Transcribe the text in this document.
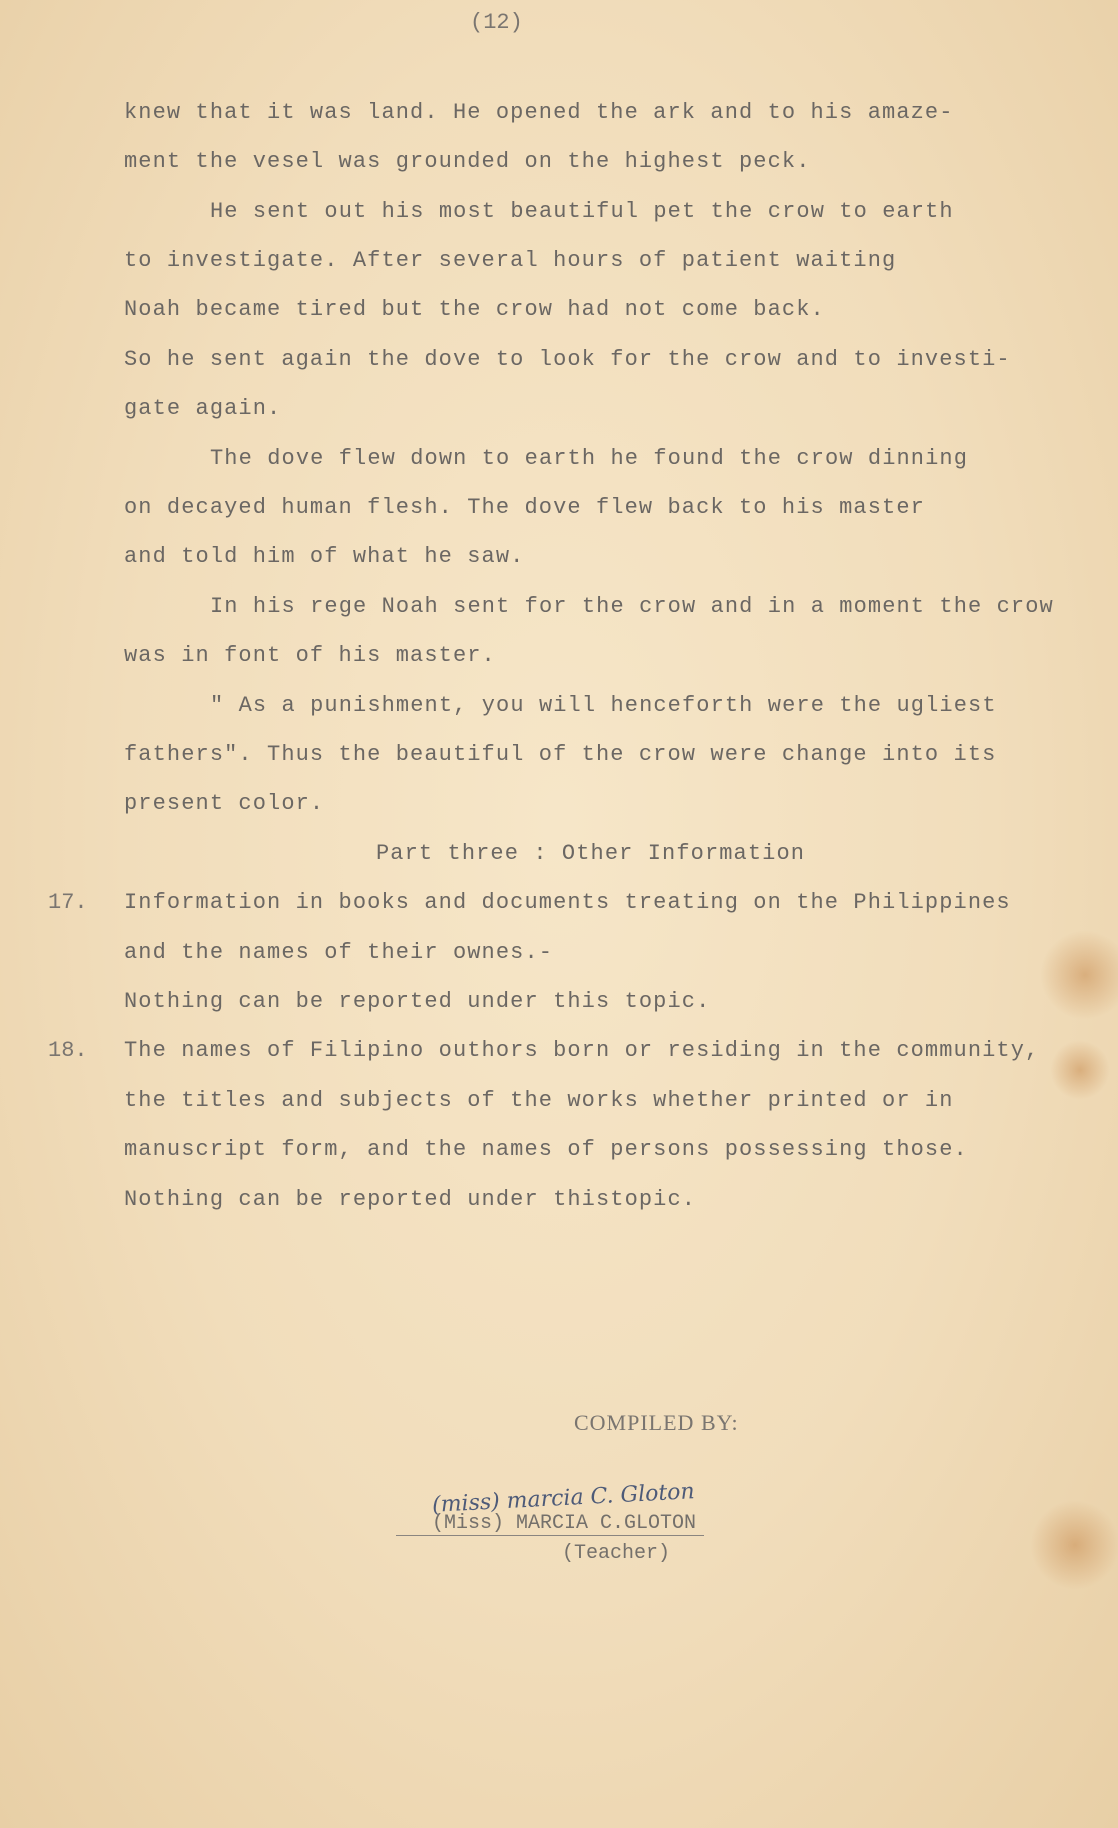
(12)
knew that it was land. He opened the ark and to his amaze-
ment the vesel was grounded on the highest peck.
He sent out his most beautiful pet the crow to earth
to investigate. After several hours of patient waiting
Noah became tired but the crow had not come back.
So he sent again the dove to look for the crow and to investi-
gate again.
The dove flew down to earth he found the crow dinning
on decayed human flesh. The dove flew back to his master
and told him of what he saw.
In his rege Noah sent for the crow and in a moment the crow
was in font of his master.
" As a punishment, you will henceforth were the ugliest
fathers". Thus the beautiful of the crow were change into its
present color.
Part three : Other Information
17. Information in books and documents treating on the Philippines
and the names of their ownes.-
Nothing can be reported under this topic.
18. The names of Filipino outhors born or residing in the community,
the titles and subjects of the works whether printed or in
manuscript form, and the names of persons possessing those.
Nothing can be reported under thistopic.
COMPILED BY:
(miss) marcia C. Gloton
(Miss) MARCIA C.GLOTON
(Teacher)
